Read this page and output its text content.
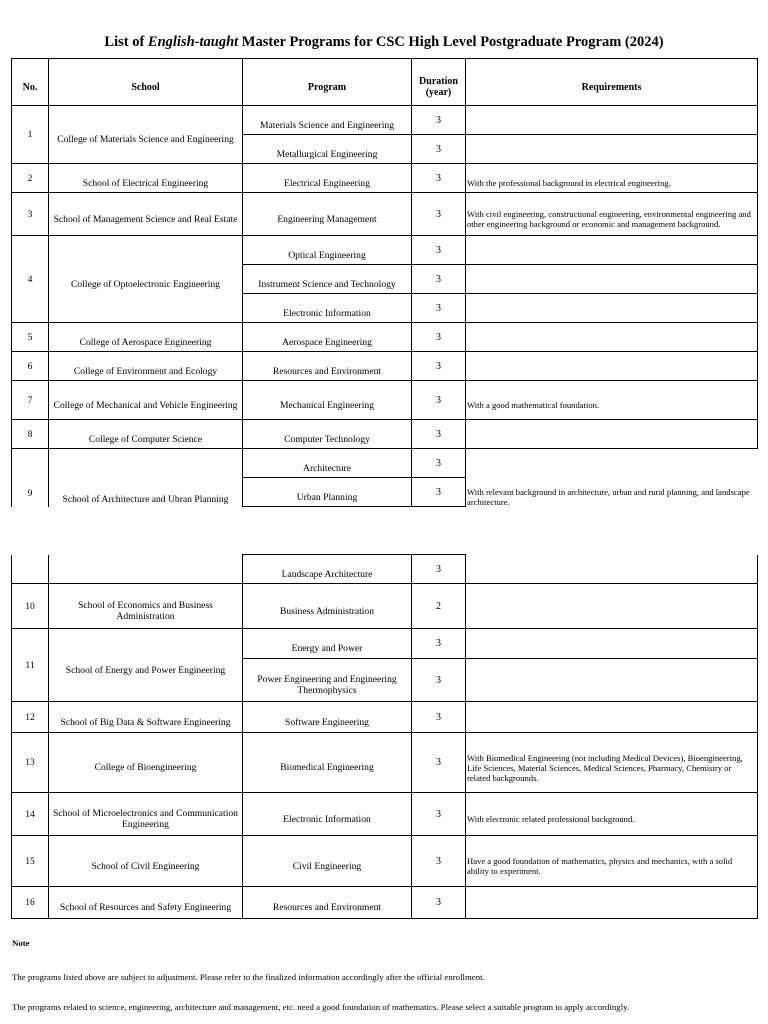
List of English-taught Master Programs for CSC High Level Postgraduate Program (2024)
No.	School	Program	Duration (year)	Requirements
1	College of Materials Science and Engineering	Materials Science and Engineering	3	

Metallurgical Engineering	3	
2	School of Electrical Engineering	Electrical Engineering	3	With the professional background in electrical engineering.
3	School of Management Science and Real Estate	Engineering Management	3	With civil engineering, constructional engineering, environmental engineering and other engineering background or economic and management background.
4	College of Optoelectronic Engineering	Optical Engineering	3	

Instrument Science and Technology	3	

Electronic Information	3	
5	College of Aerospace Engineering	Aerospace Engineering	3	
6	College of Environment and Ecology	Resources and Environment	3	
7	College of Mechanical and Vehicle Engineering	Mechanical Engineering	3	With a good mathematical foundation.
8	College of Computer Science	Computer Technology	3	
9	School of Architecture and Ubran Planning	Architecture	3	With relevant background in architecture, urban and rural planning, and landscape architecture.

Urban Planning	3	

Landscape Architecture	3	
10	School of Economics and Business Administration	Business Administration	2	
11	School of Energy and Power Engineering	Energy and Power	3	

Power Engineering and Engineering Thermophysics	3	
12	School of Big Data & Software Engineering	Software Engineering	3	
13	College of Bioengineering	Biomedical Engineering	3	With Biomedical Engineering (not including Medical Devices), Bioengineering, Life Sciences, Material Sciences, Medical Sciences, Pharmacy, Chemistry or related backgrounds.
14	School of Microelectronics and Communication Engineering	Electronic Information	3	With electronic related professional background.
15	School of Civil Engineering	Civil Engineering	3	Have a good foundation of mathematics, physics and mechanics, with a solid ability to experiment.
16	School of Resources and Safety Engineering	Resources and Environment	3	
Note
The programs listed above are subject to adjustment. Please refer to the finalized information accordingly after the official enrollment.
The programs related to science, engineering, architecture and management, etc. need a good foundation of mathematics. Please select a suitable program to apply accordingly.
